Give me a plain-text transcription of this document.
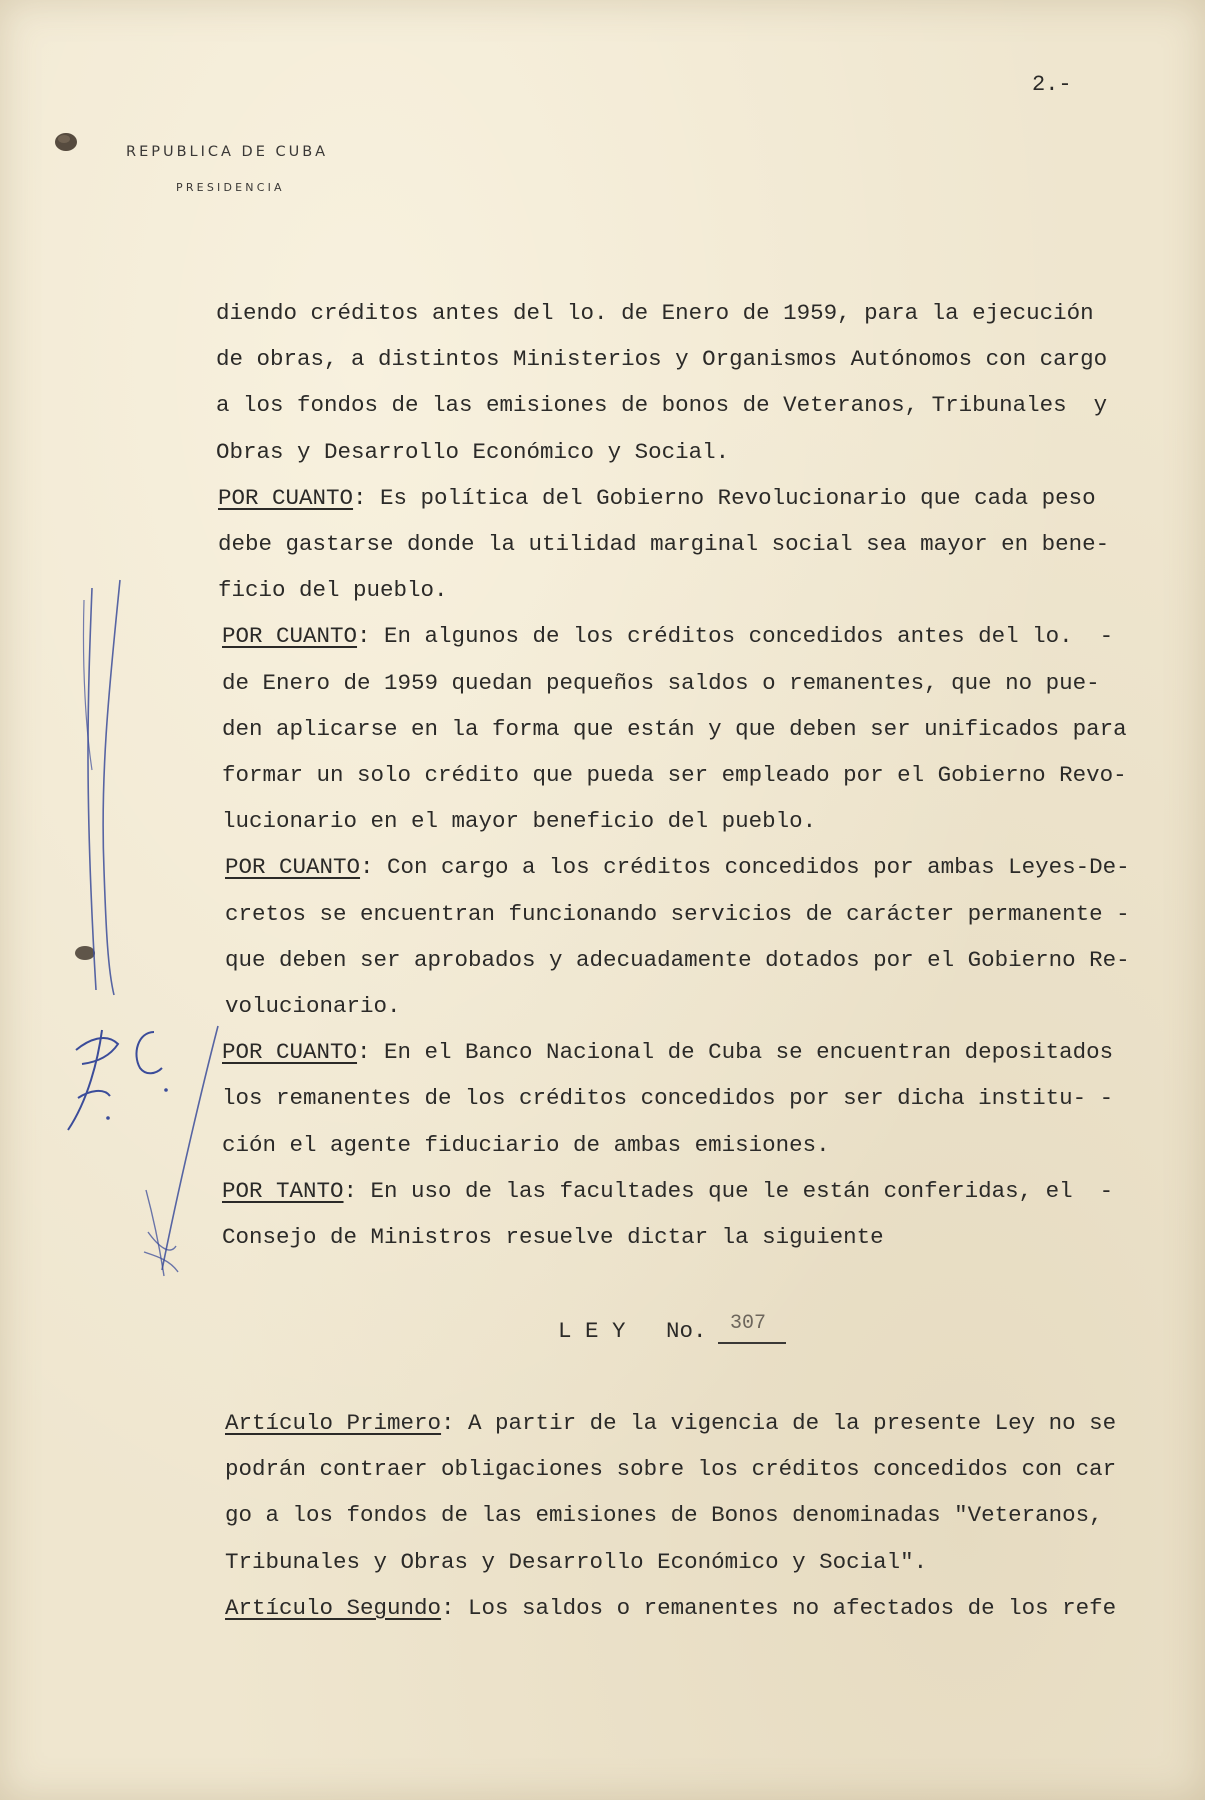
2.-
REPUBLICA DE CUBA
PRESIDENCIA
L E Y   No. 307
diendo créditos antes del lo. de Enero de 1959, para la ejecución
de obras, a distintos Ministerios y Organismos Autónomos con cargo
a los fondos de las emisiones de bonos de Veteranos, Tribunales  y
Obras y Desarrollo Económico y Social.
POR CUANTO: Es política del Gobierno Revolucionario que cada peso
debe gastarse donde la utilidad marginal social sea mayor en bene-
ficio del pueblo.
POR CUANTO: En algunos de los créditos concedidos antes del lo.  -
de Enero de 1959 quedan pequeños saldos o remanentes, que no pue-
den aplicarse en la forma que están y que deben ser unificados para
formar un solo crédito que pueda ser empleado por el Gobierno Revo-
lucionario en el mayor beneficio del pueblo.
POR CUANTO: Con cargo a los créditos concedidos por ambas Leyes-De-
cretos se encuentran funcionando servicios de carácter permanente -
que deben ser aprobados y adecuadamente dotados por el Gobierno Re-
volucionario.
POR CUANTO: En el Banco Nacional de Cuba se encuentran depositados
los remanentes de los créditos concedidos por ser dicha institu- -
ción el agente fiduciario de ambas emisiones.
POR TANTO: En uso de las facultades que le están conferidas, el  -
Consejo de Ministros resuelve dictar la siguiente
Artículo Primero: A partir de la vigencia de la presente Ley no se
podrán contraer obligaciones sobre los créditos concedidos con car
go a los fondos de las emisiones de Bonos denominadas "Veteranos,
Tribunales y Obras y Desarrollo Económico y Social".
Artículo Segundo: Los saldos o remanentes no afectados de los refe
